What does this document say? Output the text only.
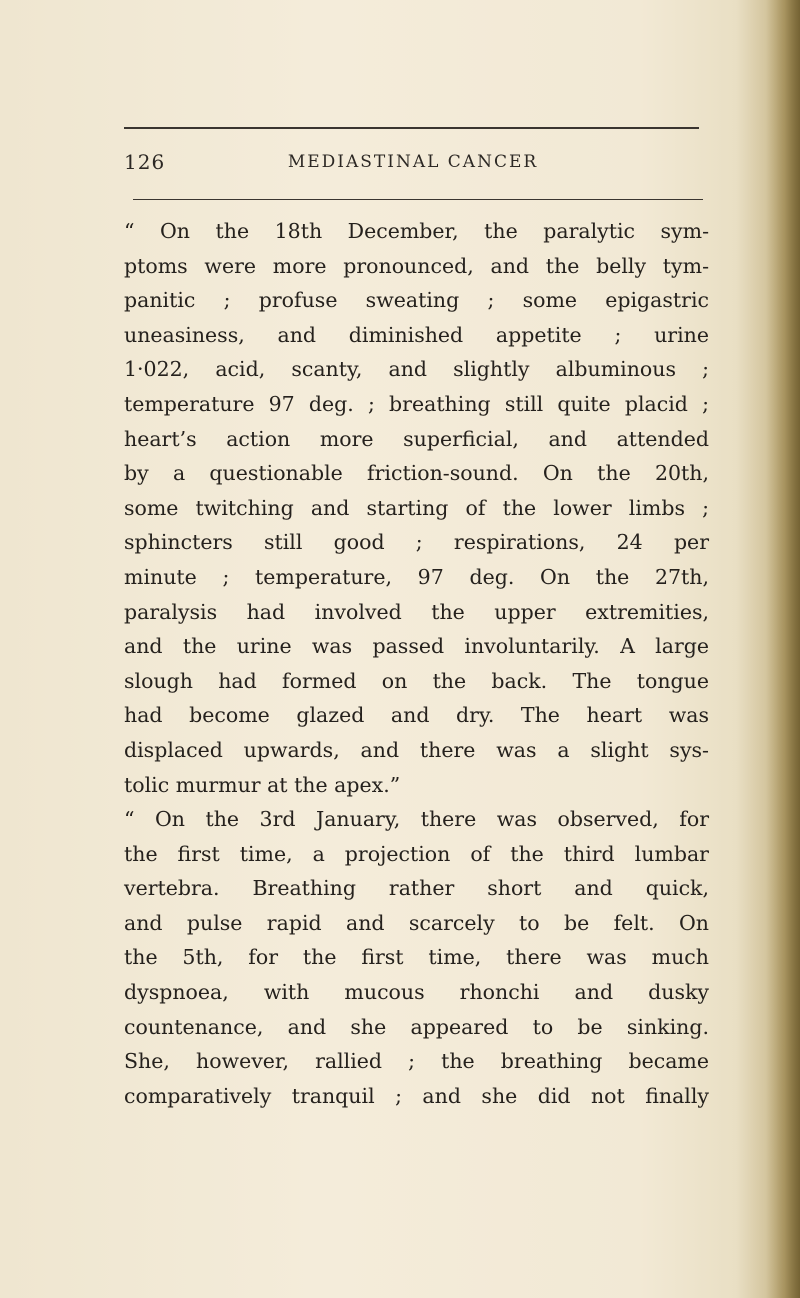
126	MEDIASTINAL CANCER
“ On the 18th December, the paralytic sym-
ptoms were more pronounced, and the belly tym-
panitic ; profuse sweating ; some epigastric
uneasiness, and diminished appetite ; urine
1·022, acid, scanty, and slightly albuminous ;
temperature 97 deg. ; breathing still quite placid ;
heart’s action more superficial, and attended
by a questionable friction-sound. On the 20th,
some twitching and starting of the lower limbs ;
sphincters still good ; respirations, 24 per
minute ; temperature, 97 deg. On the 27th,
paralysis had involved the upper extremities,
and the urine was passed involuntarily. A large
slough had formed on the back. The tongue
had become glazed and dry. The heart was
displaced upwards, and there was a slight sys-
tolic murmur at the apex.”
“ On the 3rd January, there was observed, for
the first time, a projection of the third lumbar
vertebra. Breathing rather short and quick,
and pulse rapid and scarcely to be felt. On
the 5th, for the first time, there was much
dyspnoea, with mucous rhonchi and dusky
countenance, and she appeared to be sinking.
She, however, rallied ; the breathing became
comparatively tranquil ; and she did not finally
